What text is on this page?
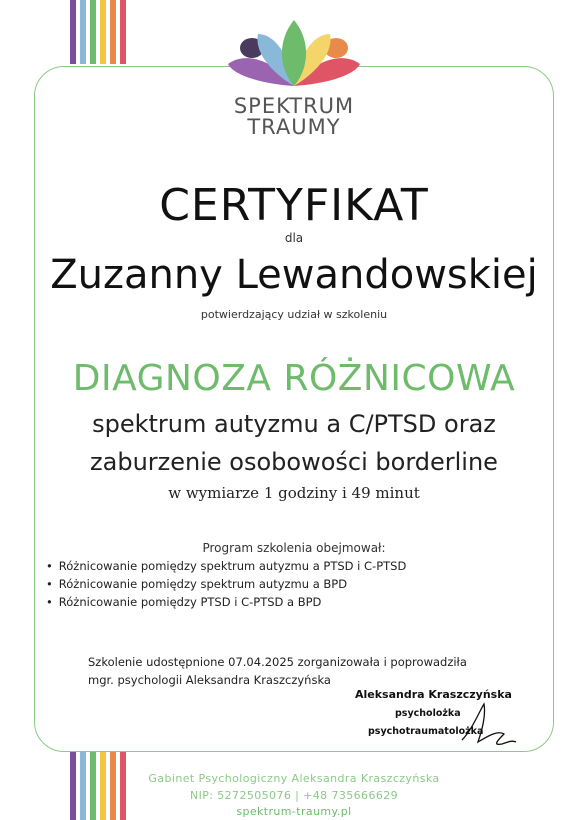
SPEKTRUM
TRAUMY
CERTYFIKAT
dla
Zuzanny Lewandowskiej
potwierdzający udział w szkoleniu
DIAGNOZA RÓŻNICOWA
spektrum autyzmu a C/PTSD oraz
zaburzenie osobowości borderline
w wymiarze 1 godziny i 49 minut
Program szkolenia obejmował:
• Różnicowanie pomiędzy spektrum autyzmu a PTSD i C-PTSD
• Różnicowanie pomiędzy spektrum autyzmu a BPD
• Różnicowanie pomiędzy PTSD i C-PTSD a BPD
Szkolenie udostępnione 07.04.2025 zorganizowała i poprowadziła
mgr. psychologii Aleksandra Kraszczyńska
Aleksandra Kraszczyńska
psycholożka
psychotraumatolożka
Gabinet Psychologiczny Aleksandra Kraszczyńska
NIP: 5272505076 | +48 735666629
spektrum-traumy.pl
